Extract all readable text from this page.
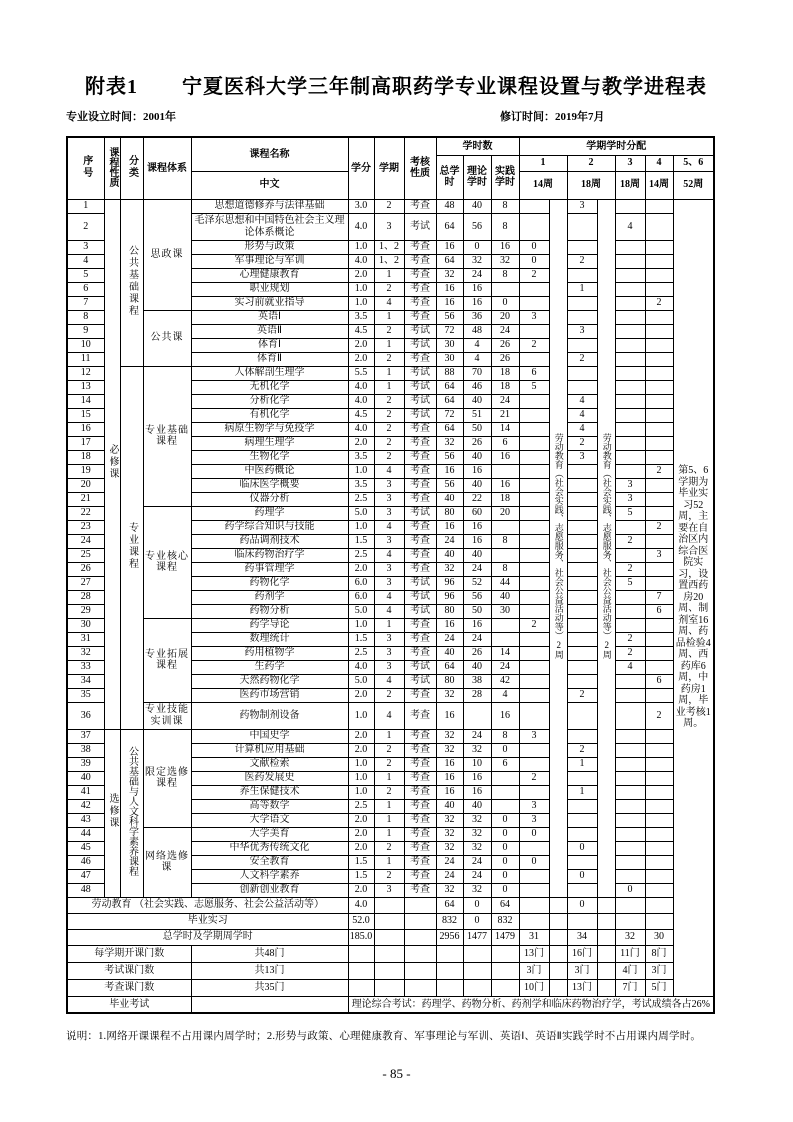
附表1 宁夏医科大学三年制高职药学专业课程设置与教学进程表
专业设立时间：2001年	修订时间：2019年7月
序号	课程性质	分类	课程体系	课程名称	学分	学期	考核性质	学时数			学期学时分配						
								总学时	理论学时	实践学时	1		2		3	4	5、6
				中文							14周		18周		18周	14周	52周
1	必修课	公共基础课程	思政课	思想道德修养与法律基础	3.0	2	考查	48	40	8		劳动教育（社会实践、志愿服务、社会公益活动等）2周	3	劳动教育（社会实践、志愿服务、社会公益活动等）2周			第5、6学期为毕业实习52周，主要在自治区内综合医院实习，设置西药房20周、制剂室16周、药品检验4周、西药库6周，中药房1周，毕业考核1周。
2				毛泽东思想和中国特色社会主义理论体系概论	4.0	3	考试	64	56	8					4		
3				形势与政策	1.0	1、2	考查	16	0	16	0						
4				军事理论与军训	4.0	1、2	考查	64	32	32	0		2				
5				心理健康教育	2.0	1	考查	32	24	8	2						
6				职业规划	1.0	2	考查	16	16				1				
7				实习前就业指导	1.0	4	考查	16	16	0						2	
8			公共课	英语Ⅰ	3.5	1	考查	56	36	20	3						
9				英语Ⅱ	4.5	2	考试	72	48	24			3				
10				体育Ⅰ	2.0	1	考试	30	4	26	2						
11				体育Ⅱ	2.0	2	考查	30	4	26			2				
12		专业课程	专业基础课程	人体解剖生理学	5.5	1	考试	88	70	18	6						
13				无机化学	4.0	1	考试	64	46	18	5						
14				分析化学	4.0	2	考试	64	40	24			4				
15				有机化学	4.5	2	考试	72	51	21			4				
16				病原生物学与免疫学	4.0	2	考查	64	50	14			4				
17				病理生理学	2.0	2	考查	32	26	6			2				
18				生物化学	3.5	2	考查	56	40	16			3				
19				中医药概论	1.0	4	考查	16	16							2	
20				临床医学概要	3.5	3	考查	56	40	16					3		
21				仪器分析	2.5	3	考查	40	22	18					3		
22			专业核心课程	药理学	5.0	3	考试	80	60	20					5		
23				药学综合知识与技能	1.0	4	考查	16	16							2	
24				药品调剂技术	1.5	3	考查	24	16	8					2		
25				临床药物治疗学	2.5	4	考查	40	40							3	
26				药事管理学	2.0	3	考查	32	24	8					2		
27				药物化学	6.0	3	考试	96	52	44					5		
28				药剂学	6.0	4	考试	96	56	40						7	
29				药物分析	5.0	4	考试	80	50	30						6	
30			专业拓展课程	药学导论	1.0	1	考查	16	16		2						
31				数理统计	1.5	3	考查	24	24						2		
32				药用植物学	2.5	3	考查	40	26	14					2		
33				生药学	4.0	3	考试	64	40	24					4		
34				天然药物化学	5.0	4	考试	80	38	42						6	
35				医药市场营销	2.0	2	考查	32	28	4			2				
36			专业技能实训课	药物制剂设备	1.0	4	考查	16		16						2	
37	选修课	公共基础与人文科学素养课程	限定选修课程	中国史学	2.0	1	考查	32	24	8	3						
38				计算机应用基础	2.0	2	考查	32	32	0			2				
39				文献检索	1.0	2	考查	16	10	6			1				
40				医药发展史	1.0	1	考查	16	16		2						
41				养生保健技术	1.0	2	考查	16	16				1				
42				高等数学	2.5	1	考查	40	40		3						
43				大学语文	2.0	1	考查	32	32	0	3						
44			网络选修课	大学美育	2.0	1	考查	32	32	0	0						
45				中华优秀传统文化	2.0	2	考查	32	32	0			0				
46				安全教育	1.5	1	考查	24	24	0	0						
47				人文科学素养	1.5	2	考查	24	24	0			0				
48				创新创业教育	2.0	3	考查	32	32	0					0		
劳动教育 （社会实践、志愿服务、社会公益活动等）					4.0			64	0	64			0				
毕业实习					52.0			832	0	832							
总学时及学期周学时					185.0			2956	1477	1479	31		34		32	30	
每学期开课门数				共48门							13门		16门		11门	8门	
考试课门数				共13门							3门		3门		4门	3门	
考查课门数				共35门							10门		13门		7门	5门	
毕业考试					理论综合考试：药理学、药物分析、药剂学和临床药物治疗学，考试成绩各占26%												
说明：1.网络开课课程不占用课内周学时；2.形势与政策、心理健康教育、军事理论与军训、英语Ⅰ、英语Ⅱ实践学时不占用课内周学时。
- 85 -
